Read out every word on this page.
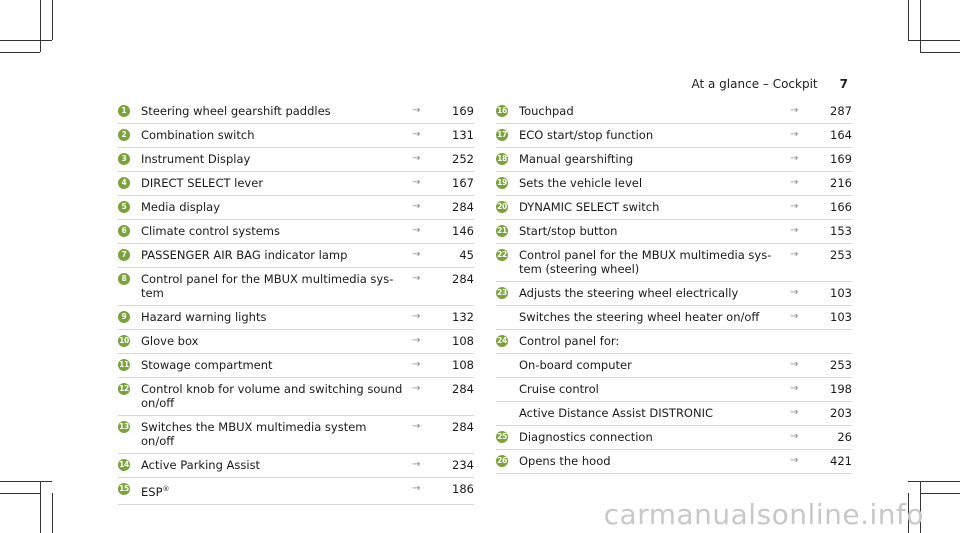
At a glance – Cockpit 7
1	Steering wheel gearshift paddles	→	169
2	Combination switch	→	131
3	Instrument Display	→	252
4	DIRECT SELECT lever	→	167
5	Media display	→	284
6	Climate control systems	→	146
7	PASSENGER AIR BAG indicator lamp	→	45
8	Control panel for the MBUX multimedia sys-
tem
→	284
9	Hazard warning lights	→	132
10 Glove box	→	108
11 Stowage compartment	→	108
12 Control knob for volume and switching sound
on/off
→	284
13 Switches the MBUX multimedia system
on/off
→	284
14 Active Parking Assist	→	234
15 ESP®	→	186
16 Touchpad	→	287
17 ECO start/stop function	→	164
18 Manual gearshifting	→	169
19 Sets the vehicle level	→	216
20 DYNAMIC SELECT switch	→	166
21 Start/stop button	→	153
22 Control panel for the MBUX multimedia sys-
tem (steering wheel)
→	253
23 Adjusts the steering wheel electrically	→	103
Switches the steering wheel heater on/off	→	103
24 Control panel for:
On-board computer	→	253
Cruise control	→	198
Active Distance Assist DISTRONIC	→	203
25 Diagnostics connection	→	26
26 Opens the hood	→	421
carmanualsonline.info
